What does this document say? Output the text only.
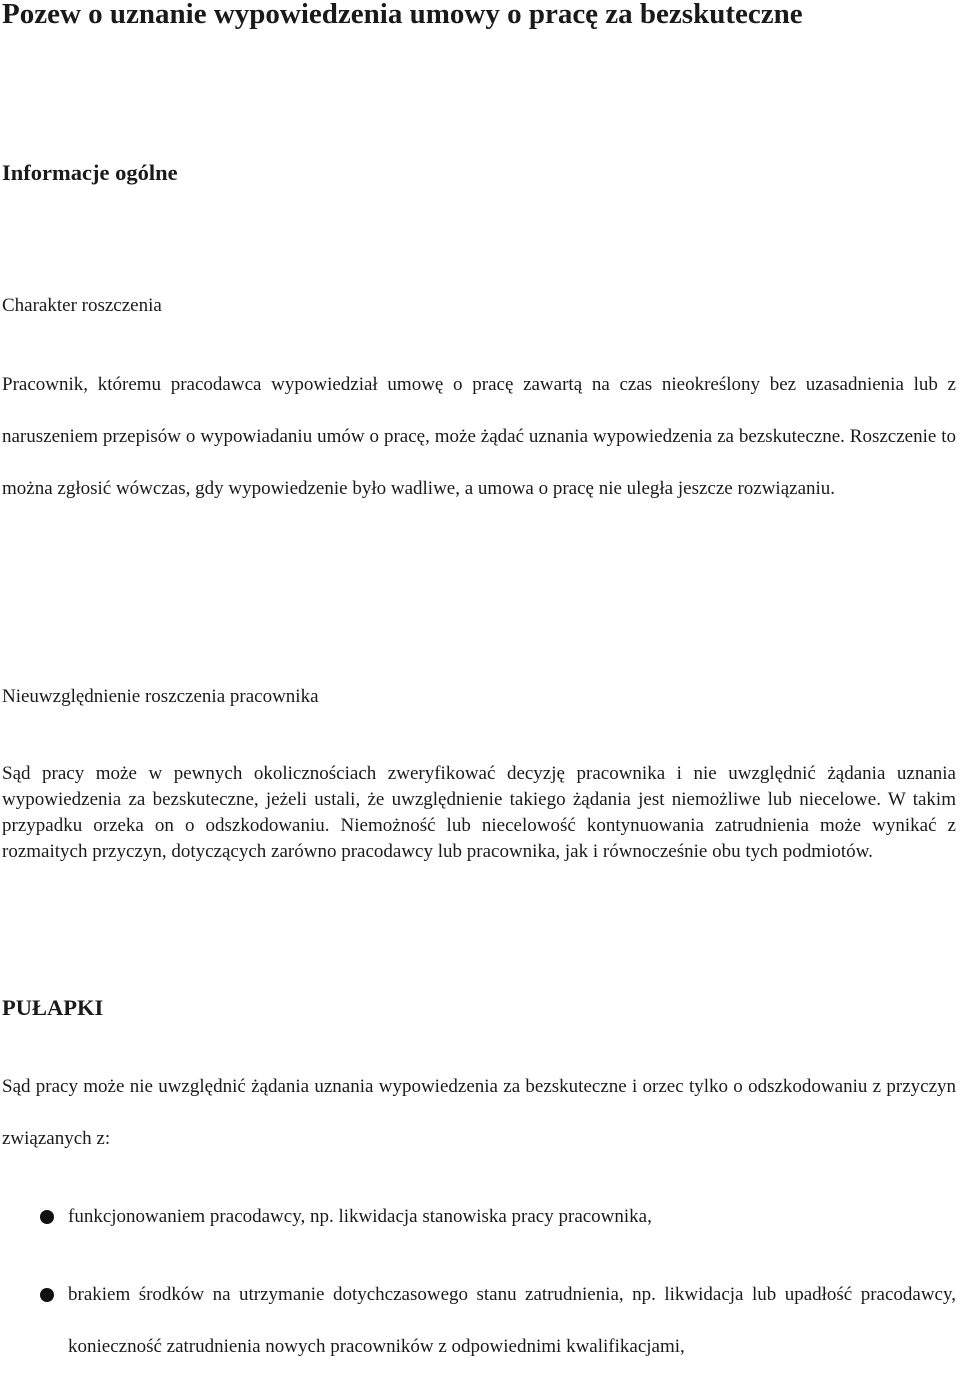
Pozew o uznanie wypowiedzenia umowy o pracę za bezskuteczne
Informacje ogólne
Charakter roszczenia

Pracownik, któremu pracodawca wypowiedział umowę o pracę zawartą na czas nieokreślony bez uzasadnienia lub z naruszeniem przepisów o wypowiadaniu umów o pracę, może żądać uznania wypowiedzenia za bezskuteczne. Roszczenie to można zgłosić wówczas, gdy wypowiedzenie było wadliwe, a umowa o pracę nie uległa jeszcze rozwiązaniu.

Nieuwzględnienie roszczenia pracownika

Sąd pracy może w pewnych okolicznościach zweryfikować decyzję pracownika i nie uwzględnić żądania uznania wypowiedzenia za bezskuteczne, jeżeli ustali, że uwzględnienie takiego żądania jest niemożliwe lub niecelowe. W takim przypadku orzeka on o odszkodowaniu. Niemożność lub niecelowość kontynuowania zatrudnienia może wynikać z rozmaitych przyczyn, dotyczących zarówno pracodawcy lub pracownika, jak i równocześnie obu tych podmiotów.

PUŁAPKI

Sąd pracy może nie uwzględnić żądania uznania wypowiedzenia za bezskuteczne i orzec tylko o odszkodowaniu z przyczyn związanych z:

funkcjonowaniem pracodawcy, np. likwidacja stanowiska pracy pracownika,

brakiem środków na utrzymanie dotychczasowego stanu zatrudnienia, np. likwidacja lub upadłość pracodawcy, konieczność zatrudnienia nowych pracowników z odpowiednimi kwalifikacjami,
